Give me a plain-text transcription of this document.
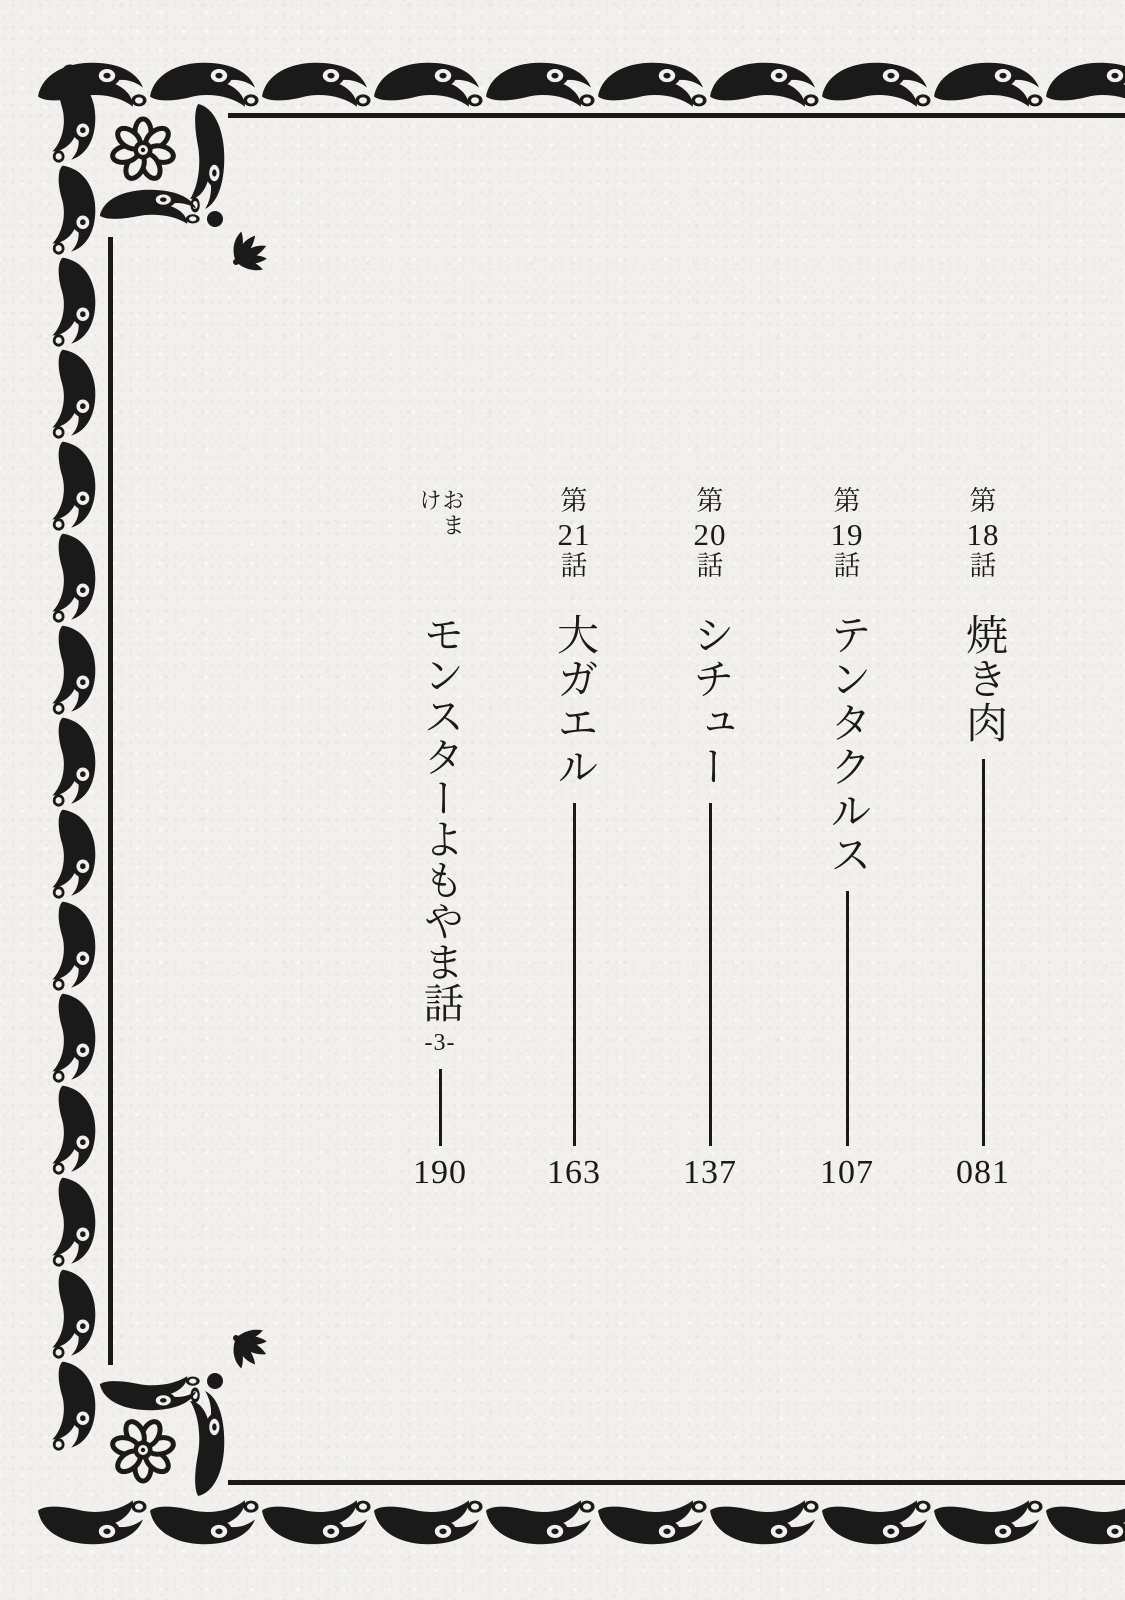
第
18
話
焼き肉
081
第
19
話
テンタクルス
107
第
20
話
シチュー
137
第
21
話
大ガエル
163
おまけ
モンスターよもやま話
-3-
190
